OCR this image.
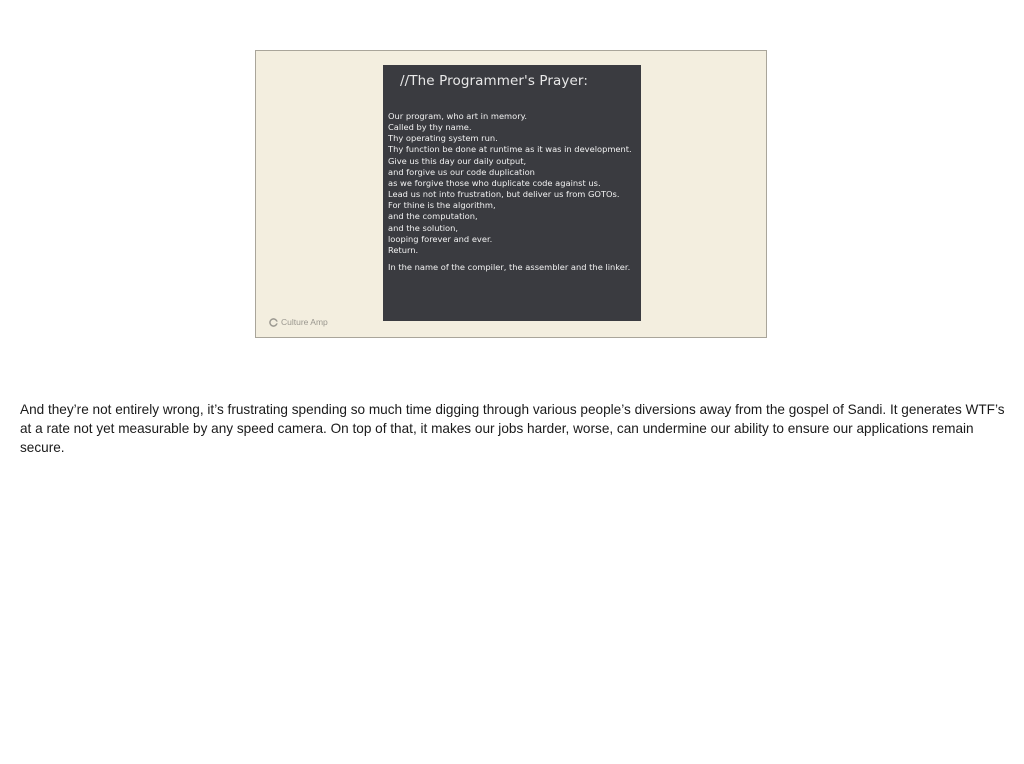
//The Programmer's Prayer:
Our program, who art in memory.
Called by thy name.
Thy operating system run.
Thy function be done at runtime as it was in development.
Give us this day our daily output,
and forgive us our code duplication
as we forgive those who duplicate code against us.
Lead us not into frustration, but deliver us from GOTOs.
For thine is the algorithm,
and the computation,
and the solution,
looping forever and ever.
Return.
In the name of the compiler, the assembler and the linker.
Culture Amp

And they’re not entirely wrong, it’s frustrating spending so much time digging through various people’s diversions away from the gospel of Sandi. It generates WTF’s at a rate not yet measurable by any speed camera. On top of that, it makes our jobs harder, worse, can undermine our ability to ensure our applications remain secure.
